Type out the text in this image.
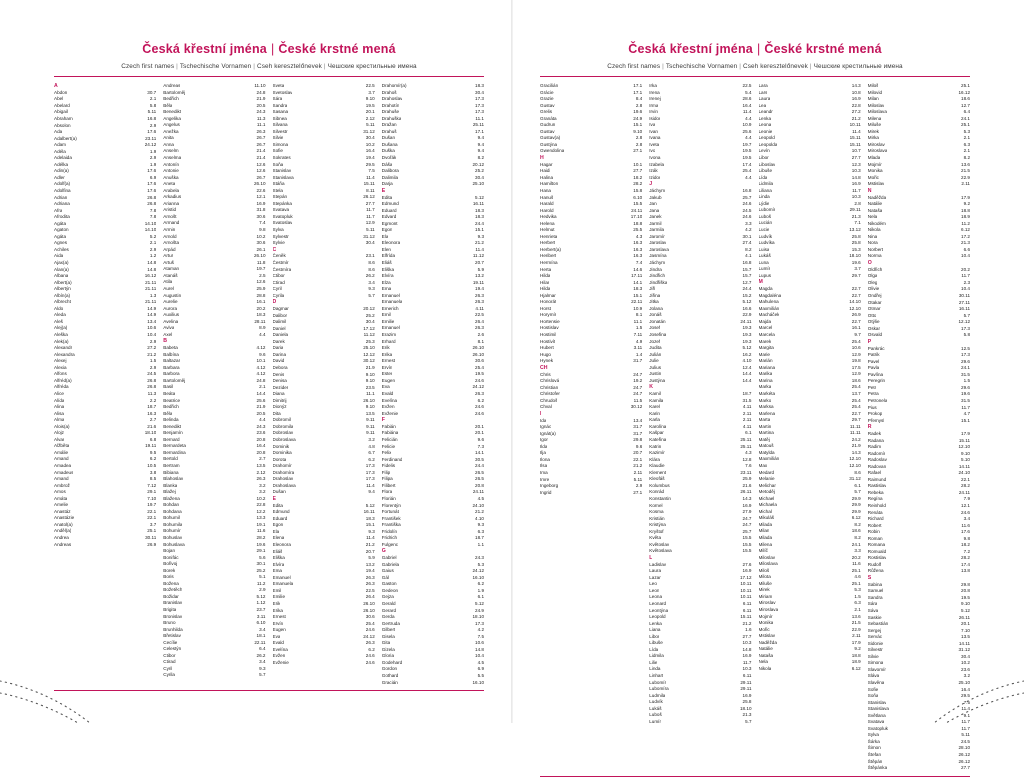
Česká křestní jména | České krstné mená
Czech first names | Tschechische Vornamen | Cseh keresztelőnevek | Чешские крестильные имена
A
Abdon	30.7
Abel	2.1
Abelard	5.8
Abigail	5.11
Abraham	16.8
Absolon	2.9
Ada	17.6
Adalbert(a)	23.11
Adam	24.12
Adéla	1.9
Adelaida	2.9
Adélka	1.9
Adin(a)	17.6
Adler	6.9
Adolf(a)	17.6
Adolfina	17.6
Adrian	26.8
Adriana	26.8
Afra	7.8
Afrodita	7.8
Agáta	14.10
Agaton	14.10
Agáta	5.2
Agnes	2.1
Achiles	2.9
Aida	1.2
Ajax(a)	14.8
Alan(a)	14.8
Albana	16.12
Albert(a)	21.11
Albertýn	21.11
Albín(a)	1.3
Albrecht	21.11
Aldo	14.9
Aleda	14.9
Aleš	13.4
Alej(a)	10.6
Aleška	10.4
Alek(a)	2.9
Alexandr	27.2
Alexandra	21.2
Alexej	1.5
Alexia	2.9
Alfons	24.5
Alfréd(a)	26.8
Alfréda	26.8
Alice	11.3
Alída	2.2
Alina	18.7
Alisa	16.3
Alma	2.7
Alois(a)	21.6
Alojz	18.10
Alvar	6.8
Alžběta	19.11
Amálie	9.5
Amand	6.2
Amadea	10.5
Amadeus	3.8
Amand	8.5
Ambrož	7.12
Amos	29.1
Amáta	7.10
Amelie	19.7
Anastáz	22.1
Anastázie	22.1
Anatol(a)	3.7
Anděl(a)	25.1
Andrea	30.11
Andreas	26.9
Andreas	11.10
Bartoloměj	24.8
Bedřich	21.9
Běla	20.5
Benedikt	24.3
Angelika	11.3
Angelus	11.1
Anežka	26.3
Anita	26.7
Anna	26.7
Anselm	21.4
Anselma	21.4
Antonín	12.6
Antonie	12.6
Anuška	26.7
Aneta	26.10
Arabela	22.6
Arkadius	12.1
Arianna	16.9
Aristid	31.8
Arnošt	30.6
Armand	7.4
Armin	9.8
Arnold	10.2
Arnošta	30.6
Arpád	26.1
Artur	26.10
Artuš	11.8
Ataman	19.7
Atanáš	2.5
Atila	12.6
Aurel	25.9
Augustin	28.8
Aurelie	16.1
Aurora	20.2
Auxilius	18.3
Avelina	28.11
Aviva	8.9
Axel	4.4
B
Babeta	4.12
Balbína	9.6
Baltazar	10.1
Barbara	4.12
Barbora	4.12
Bartoloměj	24.8
Basil	2.1
Beáta	14.4
Beatrice	25.6
Bedřich	21.9
Běla	20.5
Belinda	4.4
Benedikt	24.3
Benjamín	23.6
Bernard	20.8
Bernardeta	16.4
Bernardina	20.8
Bertold	2.7
Bertram	13.5
Bibiana	2.12
Blahoslav	26.3
Blanka	3.2
Blažej	3.2
Blažena	10.2
Bohdan	22.8
Bohdana	12.2
Bohumil	13.3
Bohumila	19.1
Bohumír	11.6
Bohuslav	28.2
Bohuslava	19.6
Bojan	29.1
Bonifác	5.6
Bořivoj	30.1
Borek	25.2
Boris	5.1
Božena	11.2
Božetěch	2.9
Božidar	5.12
Branislav	1.12
Brigita	23.7
Bronislav	3.11
Bruno	6.10
Brunhilda	3.4
Břetislav	18.1
Cecílie	22.11
Celestýn	6.4
Ctibor	26.2
Ctirad	3.4
Cyril	9.3
Cyrila	5.7
Sveta	22.5
Svetoslav	3.7
Sára	9.10
Sandra	19.5
Sasana	20.1
Sibnea	2.12
Silvana	5.11
Silvestr	31.12
Silvie	30.4
Simona	10.2
Sofie	16.4
Sokrates	19.4
Soňa	29.5
Stanislav	7.5
Stanislava	11.4
Stáňa	15.11
Stela	8.11
Stepán	26.12
Stepánka	27.7
Svatava	11.7
Svatopluk	11.7
Svatoslav	12.9
Sylva	5.11
Sylvestr	31.12
Sylvie	30.4
Č
Čeněk	23.1
Čestmír	8.6
Čestmíra	8.6
Ctibor	26.2
Ctirad	3.4
Cyril	9.3
Cyrila	5.7
D
Dagmar	20.12
Dalibor	25.2
Dalimil	30.4
Daniel	17.12
Daniela	11.12
Darek	25.3
Daria	25.10
Darina	12.12
David	30.12
Debora	21.9
Denis	9.10
Denisa	9.10
Dezider	23.5
Diana	11.1
Dimitrij	26.10
Dionýz	9.10
Dita	13.5
Dobromil	9.11
Dobromila	9.11
Dobroslav	9.11
Dobroslava	3.2
Dominik	4.8
Dominika	6.7
Dorota	6.2
Drahomír	17.3
Drahomíra	17.3
Drahoslav	17.3
Drahoslava	11.4
Dušan	9.4
E
Edita	5.12
Edmund	16.11
Eduard	18.3
Egon	15.1
Ela	9.3
Elena	11.4
Eleonora	21.2
Eliáš	20.7
Eliška	5.9
Elvíra	13.2
Ema	19.4
Emanuel	26.3
Emanuela	26.3
Emil	22.5
Emilie	26.4
Erik	26.10
Erika	26.10
Ernest	30.6
Ervín	25.4
Eugen	24.6
Eva	24.12
Evald	26.3
Evelína	6.2
Evžen	24.6
Evženie	24.6
Drahomír(a)	18.3
Drahoš	30.4
Drahoslav	17.3
Drahotín	17.3
Drahuše	17.3
Drahuška	11.1
Dražan	25.11
Drahuš	17.1
Dušan	9.4
Dušana	9.4
Duška	9.4
Dvořák	8.2
Dáša	20.12
Dalibora	25.2
Dalimila	30.4
Darja	25.10
E
Edita	5.12
Edmund	16.11
Eduard	18.3
Edvard	18.3
Egmont	24.4
Egon	15.1
Ela	9.3
Eleonora	21.2
Elen	11.4
Elfrída	11.12
Eliáš	20.7
Eliška	5.9
Elvíra	13.2
Elza	19.11
Ema	19.4
Emanuel	26.3
Emanuela	26.3
Emerich	4.11
Emil	22.5
Emilie	26.4
Emanuel	26.3
Erazim	2.6
Erhard	8.1
Erik	26.10
Erika	26.10
Ernest	30.6
Ervín	25.4
Ester	19.5
Eugen	24.6
Eva	24.12
Evald	26.3
Evelína	6.2
Evžen	24.6
Evženie	24.6
F
Fabián	20.1
Fabiána	20.1
Felicián	9.6
Felicie	7.3
Felix	14.1
Ferdinand	30.5
Fidelis	24.4
Filip	26.5
Filipa	26.5
Filibert	20.8
Flora	24.11
Florián	4.5
Florentýn	24.10
Fortunát	21.2
František	4.10
Františka	9.3
Fridolín	6.3
Fridrich	18.7
Fulgenc	1.1
G
Gabriel	24.3
Gabriela	5.3
Gaius	24.12
Gál	16.10
Gaston	6.2
Gedeon	1.9
Gejza	6.1
Gerald	5.12
Gerard	24.9
Gerda	18.10
Gertruda	17.3
Gilbert	4.2
Gisela	7.5
Gita	10.6
Gizela	14.8
Gloria	10.4
Godehard	4.5
Gordon	6.9
Gothard	5.5
Gracián	16.10
Česká křestní jména | České krstné mená
Czech first names | Tschechische Vornamen | Cseh keresztelőnevek | Чешские крестильные имена
Gracilián	17.1
Grácie	17.1
Grazie	8.4
Gustav	2.8
Grelis	19.6
Granáta	24.9
Gudrun	15.1
Gustav	9.10
Gustav(a)	2.8
Gustýna	2.8
Gwendolina	27.1
H
Hagar	10.1
Haidi	27.7
Halina	18.2
Hamilton	28.2
Hana	15.8
Hanuš	6.10
Harald	15.5
Harold	24.11
Hedvika	17.10
Helena	18.8
Helmut	25.5
Henrieta	4.3
Herbert	16.3
Herbert(a)	16.3
Heribert	16.3
Hermína	7.4
Herta	14.6
Hilda	17.11
Hilar	14.1
Hilda	18.3
Hjalmar	15.1
Honorát	22.11
Horst	10.9
Horymír	8.1
Hortensie	11.1
Hostislav	1.5
Hostimil	7.11
Hostivít	4.9
Hubert	3.11
Hugo	1.4
Hynek	31.7
CH
Chris	24.7
Chrislová	19.2
Christian	24.7
Christofer	24.7
Chrudoš	11.5
Chval	30.12
I
Ida	13.4
Ignác	31.7
Ignát(a)	31.7
Igor	29.8
Ilda	9.6
Ilja	20.7
Ilona	22.1
Ilsa	21.2
Ima	2.11
Imre	5.11
Ingeborg	2.9
Ingrid	27.1
Irka	22.5
Irena	5.4
Irenej	28.6
Irma	16.4
Irvin	11.4
Isidor	4.4
Iva	10.9
Ivan	25.6
Ivana	4.4
Iveta	19.7
Ivo	19.5
Ivona	19.5
Izabela	17.4
Izák	25.4
Izidor	4.4
J
Jáchym	16.8
Jakub	25.7
Jan	24.6
Jana	24.5
Janek	24.6
Jarmil	3.3
Jarmila	4.2
Jaromír	30.1
Jaroslav	27.4
Jaroslava	8.2
Jasmína	4.1
Jáchym	16.8
Jindra	15.7
Jindřich	15.7
Jindřiška	12.7
Jiří	24.4
Jiřina	15.2
Jitka	5.12
Jolana	16.6
Jonáš	22.9
Jonatán	24.11
Josef	19.3
Josefina	19.3
Jozef	19.3
Judita	5.12
Julián	16.2
Julie	4.10
Julius	12.4
Justin	14.4
Justýna	14.4
K
Kamil	18.7
Kamila	31.5
Karel	4.11
Karin	2.11
Karla	2.11
Karolína	4.11
Kašpar	6.1
Kateřina	25.11
Katrin	25.11
Kazimír	4.3
Klára	12.8
Klaudie	7.6
Klement	23.11
Kleofáš	25.9
Kolumbus	21.6
Konrád	26.11
Konstantin	14.3
Kornel	16.9
Kosma	27.9
Kristián	24.7
Kristýna	24.7
Kryštof	25.7
Květa	15.5
Květoslav	15.5
Květoslava	15.5
L
Ladislav	27.6
Laura	16.9
Lazar	17.12
Leo	10.11
Leon	10.11
Leona	10.11
Leonard	6.11
Leontýna	6.11
Leopold	15.11
Lenka	21.2
Liana	1.6
Libor	27.7
Libuše	10.3
Lída	14.8
Lidmila	16.9
Lilie	11.7
Linda	10.3
Linhart	6.11
Lubomír	29.11
Lubomíra	29.11
Ludmila	16.9
Ludvík	25.8
Lukáš	18.10
Luboš	21.3
Lumír	5.7
Lara	14.3
Lars	10.8
Laura	16.9
Lea	22.8
Leandr	27.2
Lenka	21.2
Leona	10.11
Leonie	11.4
Leopold	15.11
Leopolda	15.11
Levín	10.7
Libor	27.7
Liboslav	12.3
Libuše	10.3
Lída	14.8
Lidmila	16.9
Liliana	11.7
Linda	10.3
Lýdie	2.8
Lubomír	29.11
Luboš	21.3
Lucián	7.1
Lucie	13.12
Ludvík	25.8
Ludvíka	25.8
Luisa	15.3
Lukáš	18.10
Luna	19.6
Lumír	3.7
Lupus	29.7
M
Magda	22.7
Magdaléna	22.7
Mahulena	14.10
Maxmilián	12.10
Macháček	26.9
Majda	22.7
Marcel	16.1
Marcela	9.7
Marek	25.4
Margita	10.6
Marie	12.9
Marián	19.8
Mariana	17.5
Marika	12.9
Marina	18.6
Marka	25.4
Markéta	13.7
Marko	25.4
Marksa	25.4
Marlena	22.7
Marta	29.7
Martin	11.11
Martina	11.11
Matěj	24.2
Matouš	21.9
Matylda	14.3
Maxmilián	12.10
Max	12.10
Medard	8.6
Melanie	31.12
Melichar	6.1
Metoděj	5.7
Michael	29.9
Michaela	29.9
Michal	29.9
Mikuláš	6.12
Milada	8.2
Milan	18.6
Milada	8.2
Milena	24.1
Milíč	3.3
Miloslav	20.2
Miloslava	11.6
Miloš	25.1
Milota	4.6
Miluše	25.1
Mirek	5.3
Miriam	1.5
Miroslav	6.3
Miroslava	2.1
Mojmír	13.6
Monika	21.5
Mořic	22.9
Mstislav	2.11
Naděžda	17.9
Natálie	9.2
Nataša	18.8
Nela	18.9
Nikola	6.12
Miloš	25.1
Milovid	16.12
Milan	18.6
Miloslav	12.7
Miloslava	6.4
Milena	24.1
Miluše	25.1
Mirek	5.3
Mirka	2.1
Miroslav	6.3
Miroslava	2.1
Mlada	8.2
Mojmír	13.6
Monika	21.5
Mořic	22.9
Mstislav	2.11
N
Naděžda	17.9
Natálie	9.2
Nataša	18.8
Nela	18.9
Nikodém	11.2
Nikola	6.12
Nina	17.2
Nora	21.3
Norbert	6.6
Norma	10.4
O
Oldřich	20.2
Olga	11.7
Oleg	2.3
Olivie	10.4
Ondřej	30.11
Otakar	27.11
Otmar	16.11
Otto	5.7
Otýlie	12.12
Oskar	17.3
Osvald	5.8
P
Pankrác	12.5
Patrik	17.3
Pavel	29.6
Pavla	24.1
Pavlína	31.5
Peregrin	1.5
Petr	29.6
Petra	19.6
Petronela	31.5
Pius	11.7
Prokop	4.7
Přemysl	15.1
R
Radek	17.9
Radana	15.11
Radim	12.10
Radomír	9.10
Radoslav	5.10
Radovan	14.11
Rafael	24.10
Raimund	22.1
Rastislav	28.2
Rebeka	24.11
Regína	7.9
Reinhold	12.1
Renáta	24.6
Richard	3.4
Robert	11.6
Robin	17.6
Roman	9.8
Romana	18.2
Romuald	7.2
Rostislav	28.2
Rudolf	17.4
Růžena	13.8
S
Sabina	29.8
Samuel	20.8
Sandra	19.5
Sára	9.10
Sáva	5.12
Saskie	26.11
Sebastián	20.1
Sergej	7.10
Servác	13.5
Sidonie	14.11
Silvestr	31.12
Silvie	30.4
Simona	10.2
Slavomír	23.6
Sláva	3.2
Slavěna	25.10
Sofie	16.4
Soňa	29.5
Stanislav	7.5
Stanislava	11.4
Světlana	9.1
Svatava	11.7
Svatopluk	11.7
Sylva	5.11
Šárka	24.5
Šimon	28.10
Štefan	26.12
Štěpán	26.12
Štěpánka	27.7
